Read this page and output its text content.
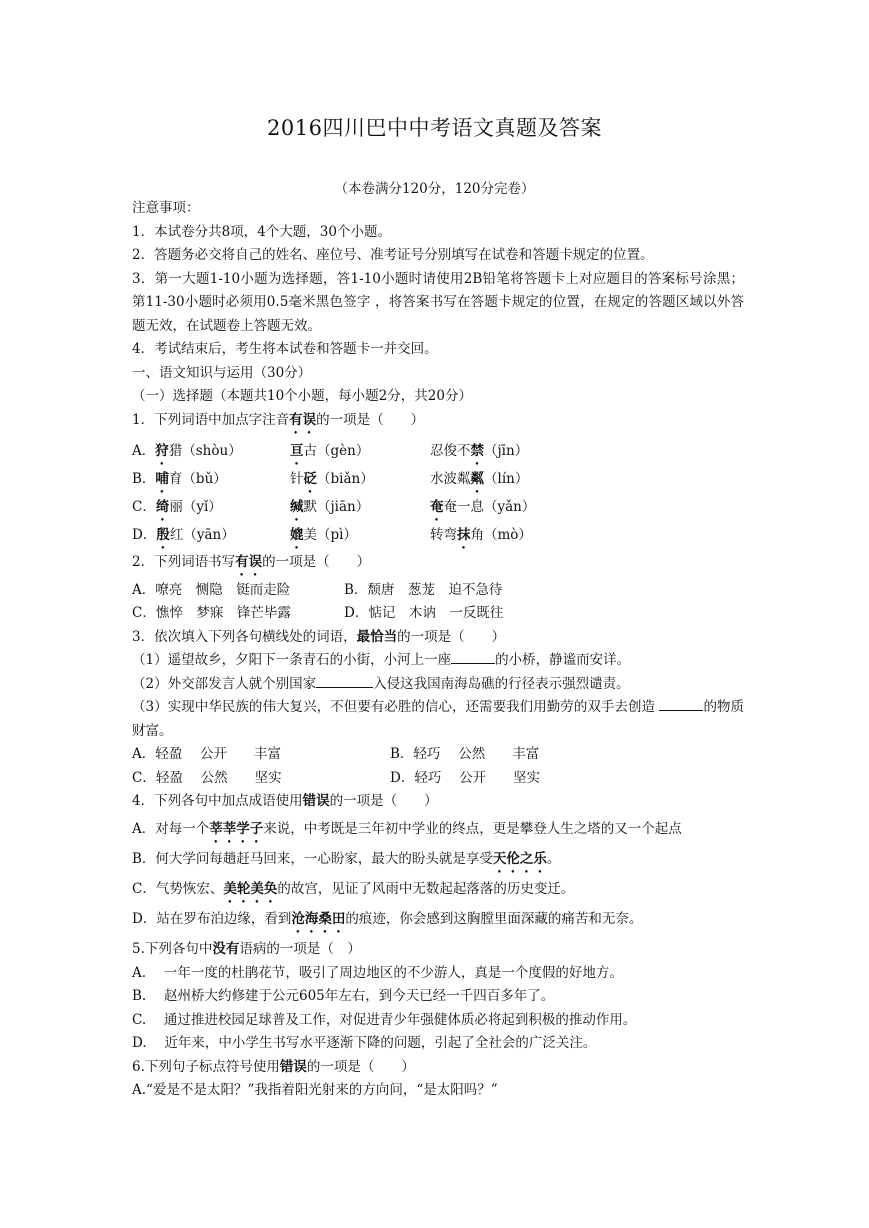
2016四川巴中中考语文真题及答案
（本卷满分120分，120分完卷）
注意事项：
1．本试卷分共8项，4个大题，30个小题。
2．答题务必交将自己的姓名、座位号、准考证号分别填写在试卷和答题卡规定的位置。
3．第一大题1-10小题为选择题，答1-10小题时请使用2B铅笔将答题卡上对应题目的答案标号涂黑；第11-30小题时必须用0.5毫米黑色签字 ，将答案书写在答题卡规定的位置，在规定的答题区域以外答题无效，在试题卷上答题无效。
4．考试结束后，考生将本试卷和答题卡一并交回。
一、语文知识与运用（30分）
（一）选择题（本题共10个小题，每小题2分，共20分）
1．下列词语中加点字注音有误的一项是（　　）
A．狩猎（shòu）	亘古（gèn）	忍俊不禁（jīn）
B．哺育（bǔ）	针砭（biǎn）	水波粼粼（lín）
C．绮丽（yǐ）	缄默（jiān）	奄奄一息（yǎn）
D．殷红（yān）	媲美（pì）	转弯抹角（mò）
2．下列词语书写有误的一项是（　　）
A．嘹亮　恻隐　铤而走险	B．颓唐　葱茏　迫不急待
C．憔悴　梦寐　锋芒毕露	D．惦记　木讷　一反既往
3．依次填入下列各句横线处的词语，最恰当的一项是（　　）
（1）遥望故乡，夕阳下一条青石的小街，小河上一座	的小桥，静谧而安详。
（2）外交部发言人就个别国家	入侵这我国南海岛礁的行径表示强烈谴责。
（3）实现中华民族的伟大复兴，不但要有必胜的信心，还需要我们用勤劳的双手去创造	的物质财富。
A．轻盈　 公开　　丰富	B．轻巧　 公然　　丰富
C．轻盈　 公然　　坚实	D．轻巧　 公开　　坚实
4．下列各句中加点成语使用错误的一项是（　　）
A．对每一个莘莘学子来说，中考既是三年初中学业的终点，更是攀登人生之塔的又一个起点
B．何大学问每趟赶马回来，一心盼家，最大的盼头就是享受天伦之乐。
C．气势恢宏、美轮美奂的故宫，见证了风雨中无数起起落落的历史变迁。
D．站在罗布泊边缘，看到沧海桑田的痕迹，你会感到这胸膛里面深藏的痛苦和无奈。
5.下列各句中没有语病的一项是（　）
A.　 一年一度的杜鹃花节，吸引了周边地区的不少游人，真是一个度假的好地方。
B.　 赵州桥大约修建于公元605年左右，到今天已经一千四百多年了。
C.　 通过推进校园足球普及工作，对促进青少年强健体质必将起到积极的推动作用。
D.　 近年来，中小学生书写水平逐渐下降的问题，引起了全社会的广泛关注。
6.下列句子标点符号使用错误的一项是（　　）
A.“爱是不是太阳？”我指着阳光射来的方向问，“是太阳吗？”
